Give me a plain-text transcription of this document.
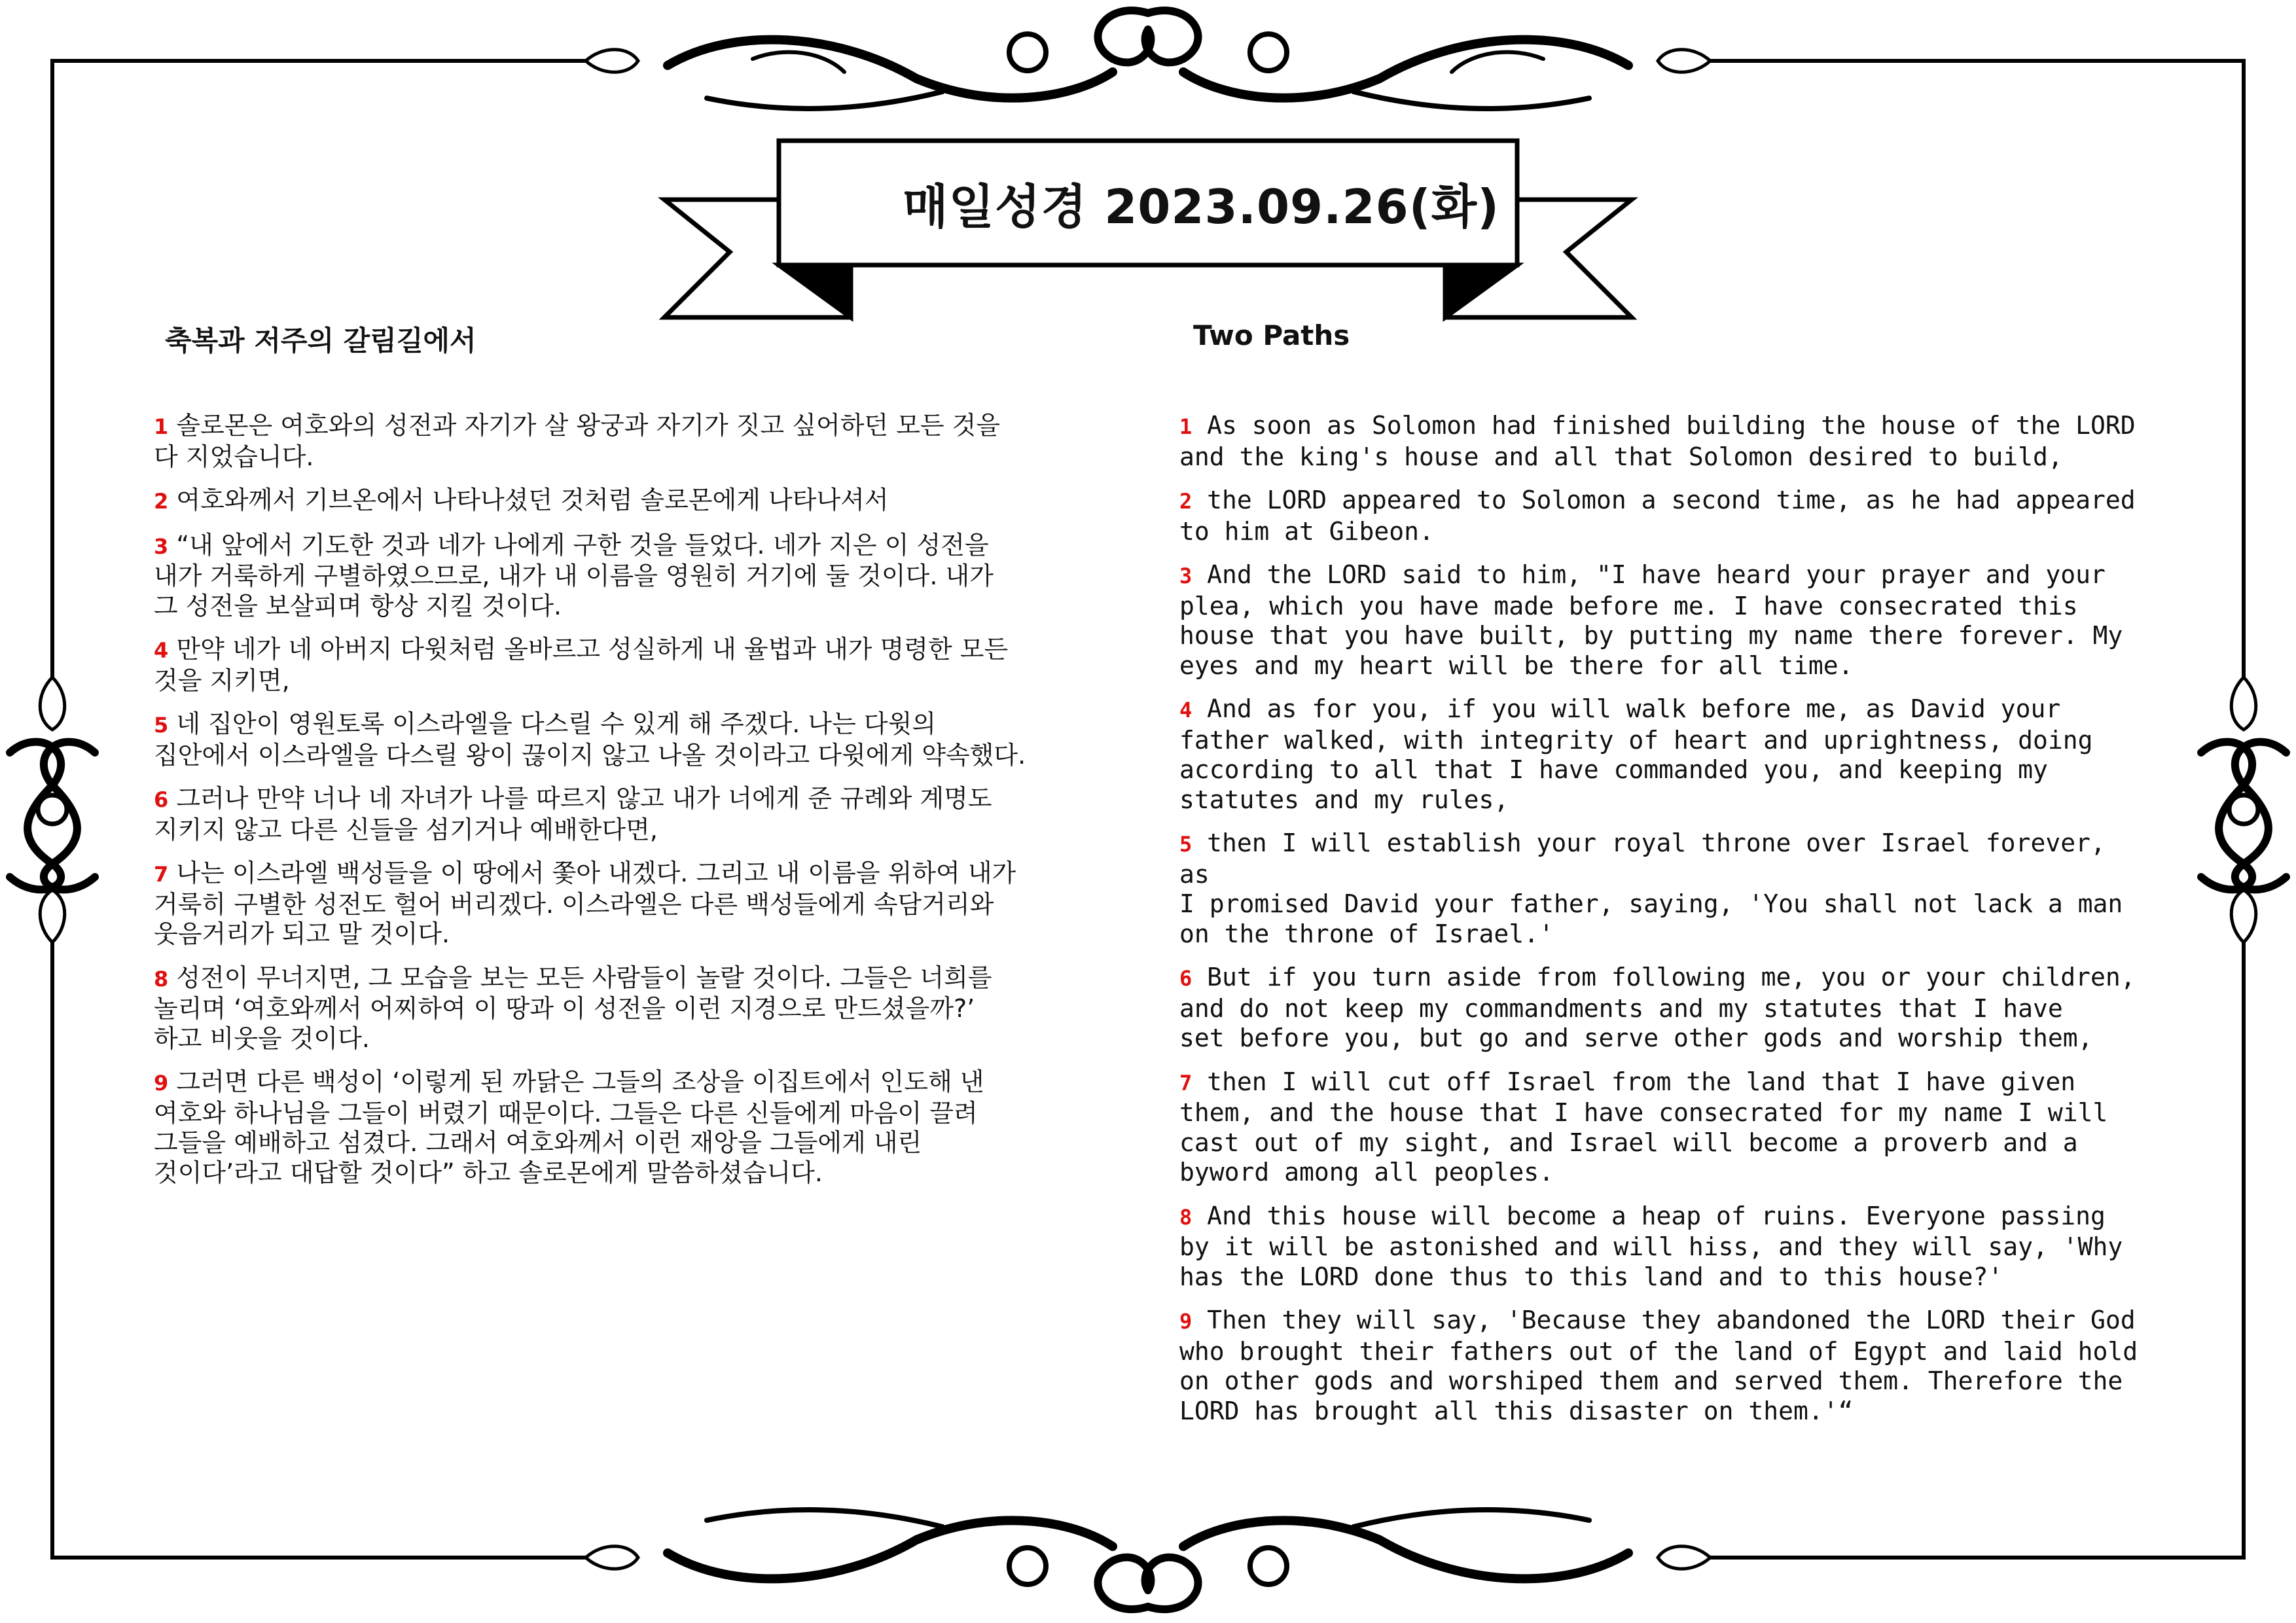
매일성경 2023.09.26(화)
축복과 저주의 갈림길에서	Two Paths
1 솔로몬은 여호와의 성전과 자기가 살 왕궁과 자기가 짓고 싶어하던 모든 것을
다 지었습니다.
2 여호와께서 기브온에서 나타나셨던 것처럼 솔로몬에게 나타나셔서
3 “내 앞에서 기도한 것과 네가 나에게 구한 것을 들었다. 네가 지은 이 성전을
내가 거룩하게 구별하였으므로, 내가 내 이름을 영원히 거기에 둘 것이다. 내가
그 성전을 보살피며 항상 지킬 것이다.
4 만약 네가 네 아버지 다윗처럼 올바르고 성실하게 내 율법과 내가 명령한 모든
것을 지키면,
5 네 집안이 영원토록 이스라엘을 다스릴 수 있게 해 주겠다. 나는 다윗의
집안에서 이스라엘을 다스릴 왕이 끊이지 않고 나올 것이라고 다윗에게 약속했다.
6 그러나 만약 너나 네 자녀가 나를 따르지 않고 내가 너에게 준 규례와 계명도
지키지 않고 다른 신들을 섬기거나 예배한다면,
7 나는 이스라엘 백성들을 이 땅에서 쫓아 내겠다. 그리고 내 이름을 위하여 내가
거룩히 구별한 성전도 헐어 버리겠다. 이스라엘은 다른 백성들에게 속담거리와
웃음거리가 되고 말 것이다.
8 성전이 무너지면, 그 모습을 보는 모든 사람들이 놀랄 것이다. 그들은 너희를
놀리며 ‘여호와께서 어찌하여 이 땅과 이 성전을 이런 지경으로 만드셨을까?’
하고 비웃을 것이다.
9 그러면 다른 백성이 ‘이렇게 된 까닭은 그들의 조상을 이집트에서 인도해 낸
여호와 하나님을 그들이 버렸기 때문이다. 그들은 다른 신들에게 마음이 끌려
그들을 예배하고 섬겼다. 그래서 여호와께서 이런 재앙을 그들에게 내린
것이다’라고 대답할 것이다” 하고 솔로몬에게 말씀하셨습니다.
1 As soon as Solomon had finished building the house of the LORD
and the king's house and all that Solomon desired to build,
2 the LORD appeared to Solomon a second time, as he had appeared
to him at Gibeon.
3 And the LORD said to him, "I have heard your prayer and your
plea, which you have made before me. I have consecrated this
house that you have built, by putting my name there forever. My
eyes and my heart will be there for all time.
4 And as for you, if you will walk before me, as David your
father walked, with integrity of heart and uprightness, doing
according to all that I have commanded you, and keeping my
statutes and my rules,
5 then I will establish your royal throne over Israel forever, as
I promised David your father, saying, 'You shall not lack a man
on the throne of Israel.'
6 But if you turn aside from following me, you or your children,
and do not keep my commandments and my statutes that I have
set before you, but go and serve other gods and worship them,
7 then I will cut off Israel from the land that I have given
them, and the house that I have consecrated for my name I will
cast out of my sight, and Israel will become a proverb and a
byword among all peoples.
8 And this house will become a heap of ruins. Everyone passing
by it will be astonished and will hiss, and they will say, 'Why
has the LORD done thus to this land and to this house?'
9 Then they will say, 'Because they abandoned the LORD their God
who brought their fathers out of the land of Egypt and laid hold
on other gods and worshiped them and served them. Therefore the
LORD has brought all this disaster on them.'“
